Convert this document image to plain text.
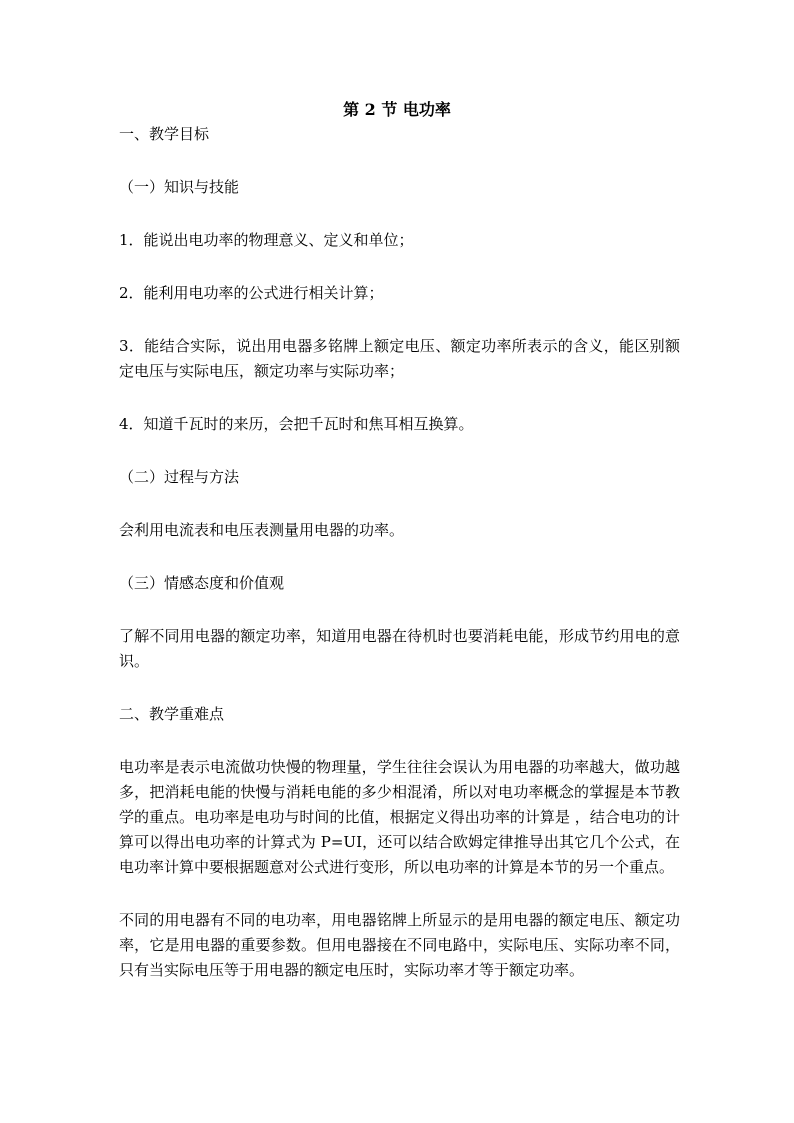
第 2 节 电功率

一、教学目标

（一）知识与技能

1．能说出电功率的物理意义、定义和单位；

2．能利用电功率的公式进行相关计算；

3．能结合实际，说出用电器多铭牌上额定电压、额定功率所表示的含义，能区别额定电压与实际电压，额定功率与实际功率；

4．知道千瓦时的来历，会把千瓦时和焦耳相互换算。

（二）过程与方法

会利用电流表和电压表测量用电器的功率。

（三）情感态度和价值观

了解不同用电器的额定功率，知道用电器在待机时也要消耗电能，形成节约用电的意识。

二、教学重难点

电功率是表示电流做功快慢的物理量，学生往往会误认为用电器的功率越大，做功越多，把消耗电能的快慢与消耗电能的多少相混淆，所以对电功率概念的掌握是本节教学的重点。电功率是电功与时间的比值，根据定义得出功率的计算是 ，结合电功的计算可以得出电功率的计算式为 P=UI，还可以结合欧姆定律推导出其它几个公式，在电功率计算中要根据题意对公式进行变形，所以电功率的计算是本节的另一个重点。

不同的用电器有不同的电功率，用电器铭牌上所显示的是用电器的额定电压、额定功率，它是用电器的重要参数。但用电器接在不同电路中，实际电压、实际功率不同，只有当实际电压等于用电器的额定电压时，实际功率才等于额定功率。
